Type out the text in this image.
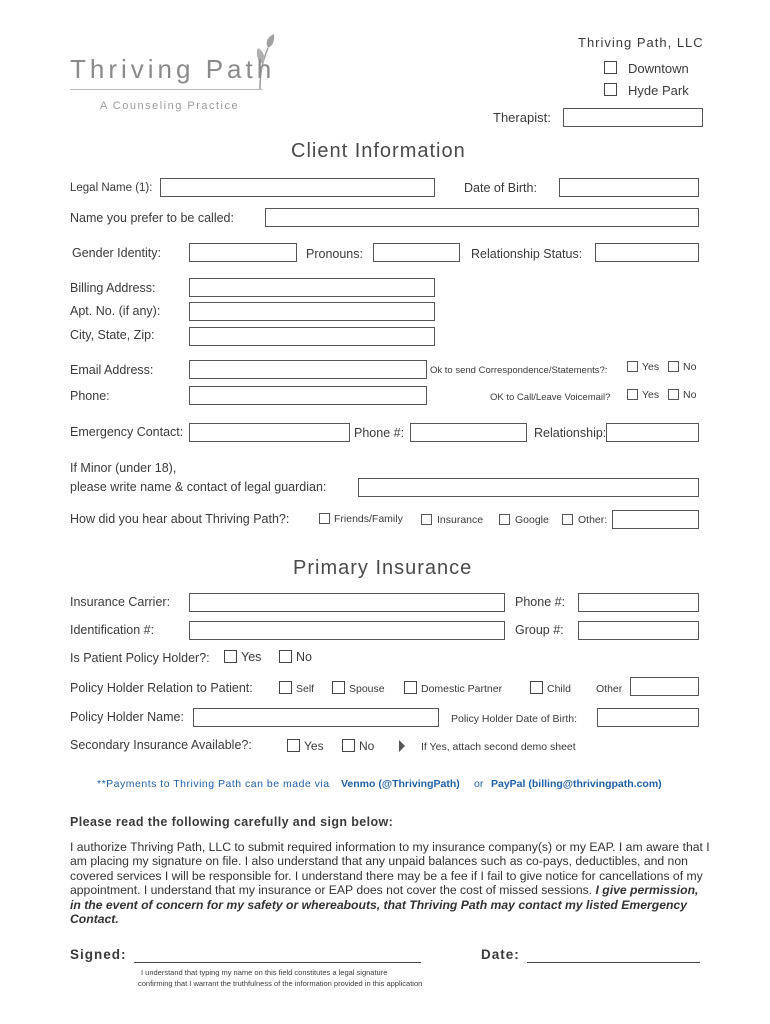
Thriving Path
A Counseling Practice
Thriving Path, LLC
Downtown
Hyde Park
Therapist:
Client Information
Legal Name (1):	Date of Birth:
Name you prefer to be called:
Gender Identity:	Pronouns:	Relationship Status:
Billing Address:
Apt. No. (if any):
City, State, Zip:
Email Address:	Ok to send Correspondence/Statements?:	Yes No
Phone:	OK to Call/Leave Voicemail?	Yes No
Emergency Contact:	Phone #:	Relationship:
If Minor (under 18),
please write name & contact of legal guardian:
How did you hear about Thriving Path?:	Friends/Family	Insurance	Google	Other:
Primary Insurance
Insurance Carrier:	Phone #:
Identification #:	Group #:
Is Patient Policy Holder?:	Yes	No
Policy Holder Relation to Patient:	Self	Spouse	Domestic Partner	Child Other
Policy Holder Name:	Policy Holder Date of Birth:
Secondary Insurance Available?:	Yes	No	If Yes, attach second demo sheet
**Payments to Thriving Path can be made via Venmo (@ThrivingPath) or PayPal (billing@thrivingpath.com)
Please read the following carefully and sign below:
I authorize Thriving Path, LLC to submit required information to my insurance company(s) or my EAP. I am aware that I am placing my signature on file. I also understand that any unpaid balances such as co-pays, deductibles, and non covered services I will be responsible for. I understand there may be a fee if I fail to give notice for cancellations of my appointment. I understand that my insurance or EAP does not cover the cost of missed sessions. I give permission, in the event of concern for my safety or whereabouts, that Thriving Path may contact my listed Emergency Contact.
Signed:	Date:
I understand that typing my name on this field constitutes a legal signature
confirming that I warrant the truthfulness of the information provided in this application
